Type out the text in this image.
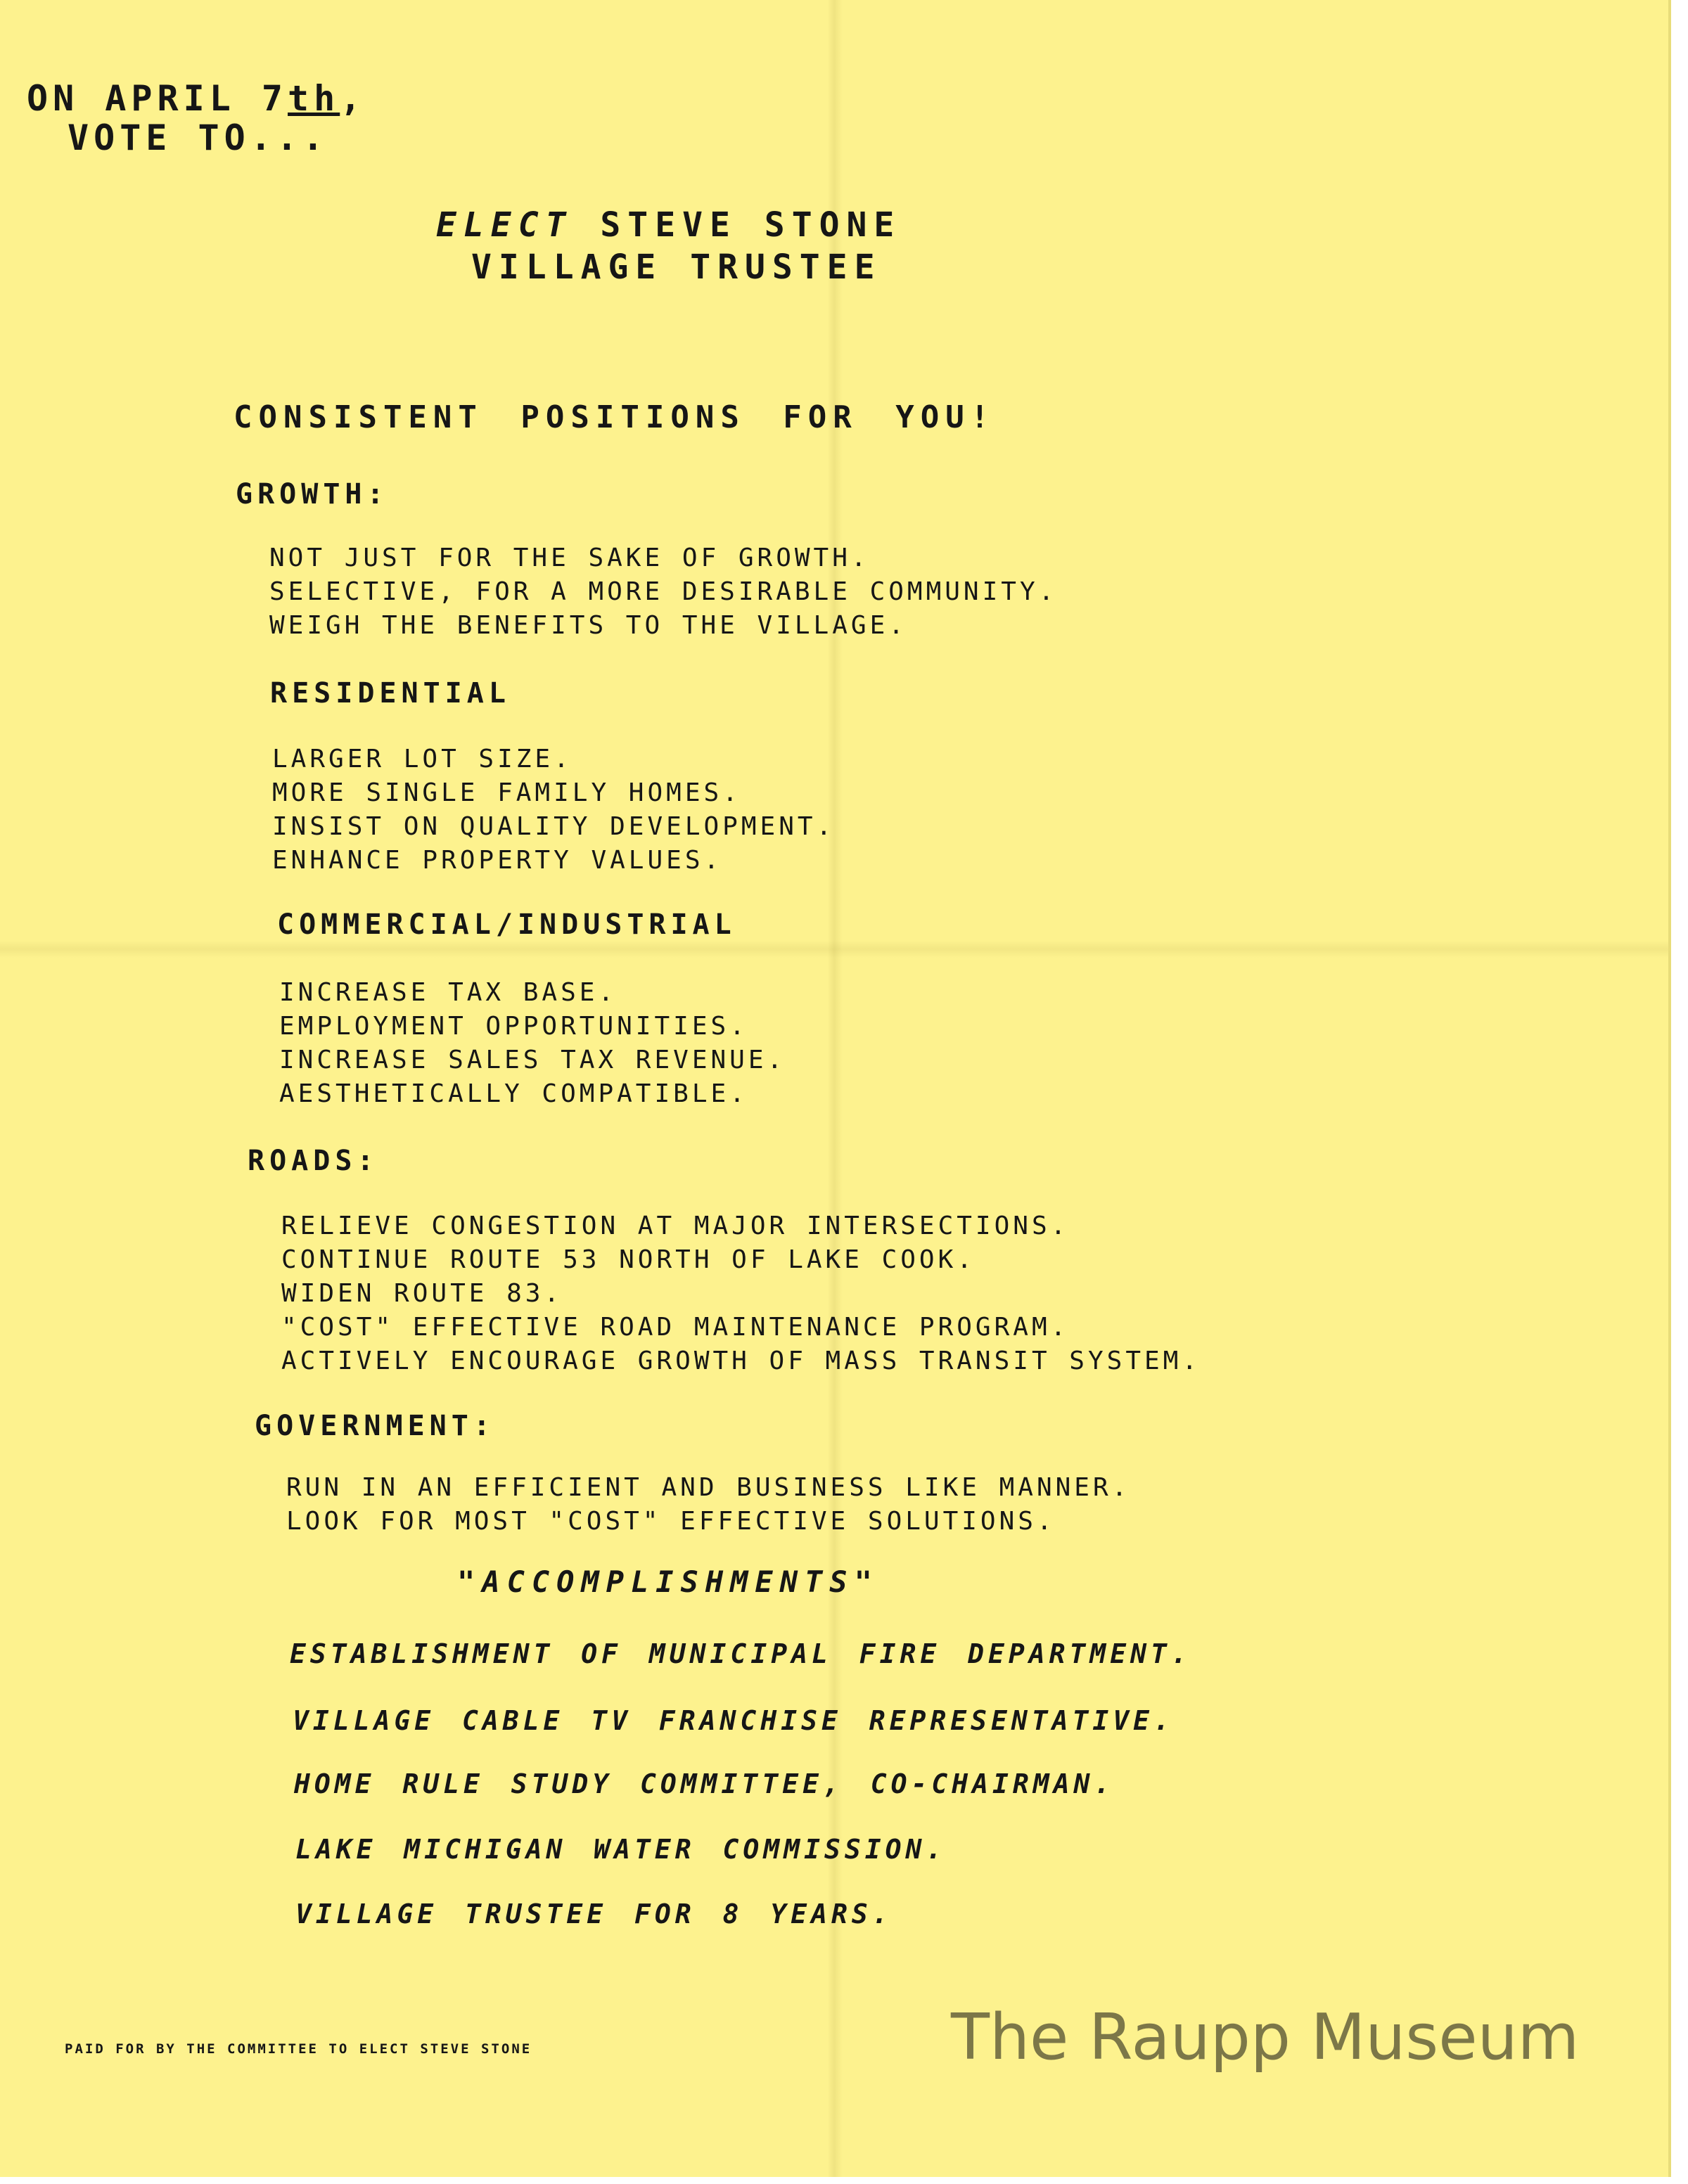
ON APRIL 7th,
VOTE TO...
ELECT STEVE STONE
VILLAGE TRUSTEE
CONSISTENT POSITIONS FOR YOU!
GROWTH:
NOT JUST FOR THE SAKE OF GROWTH.
SELECTIVE, FOR A MORE DESIRABLE COMMUNITY.
WEIGH THE BENEFITS TO THE VILLAGE.
RESIDENTIAL
LARGER LOT SIZE.
MORE SINGLE FAMILY HOMES.
INSIST ON QUALITY DEVELOPMENT.
ENHANCE PROPERTY VALUES.
COMMERCIAL/INDUSTRIAL
INCREASE TAX BASE.
EMPLOYMENT OPPORTUNITIES.
INCREASE SALES TAX REVENUE.
AESTHETICALLY COMPATIBLE.
ROADS:
RELIEVE CONGESTION AT MAJOR INTERSECTIONS.
CONTINUE ROUTE 53 NORTH OF LAKE COOK.
WIDEN ROUTE 83.
"COST" EFFECTIVE ROAD MAINTENANCE PROGRAM.
ACTIVELY ENCOURAGE GROWTH OF MASS TRANSIT SYSTEM.
GOVERNMENT:
RUN IN AN EFFICIENT AND BUSINESS LIKE MANNER.
LOOK FOR MOST "COST" EFFECTIVE SOLUTIONS.
"ACCOMPLISHMENTS"
ESTABLISHMENT OF MUNICIPAL FIRE DEPARTMENT.
VILLAGE CABLE TV FRANCHISE REPRESENTATIVE.
HOME RULE STUDY COMMITTEE, CO-CHAIRMAN.
LAKE MICHIGAN WATER COMMISSION.
VILLAGE TRUSTEE FOR 8 YEARS.
PAID FOR BY THE COMMITTEE TO ELECT STEVE STONE	The Raupp Museum
